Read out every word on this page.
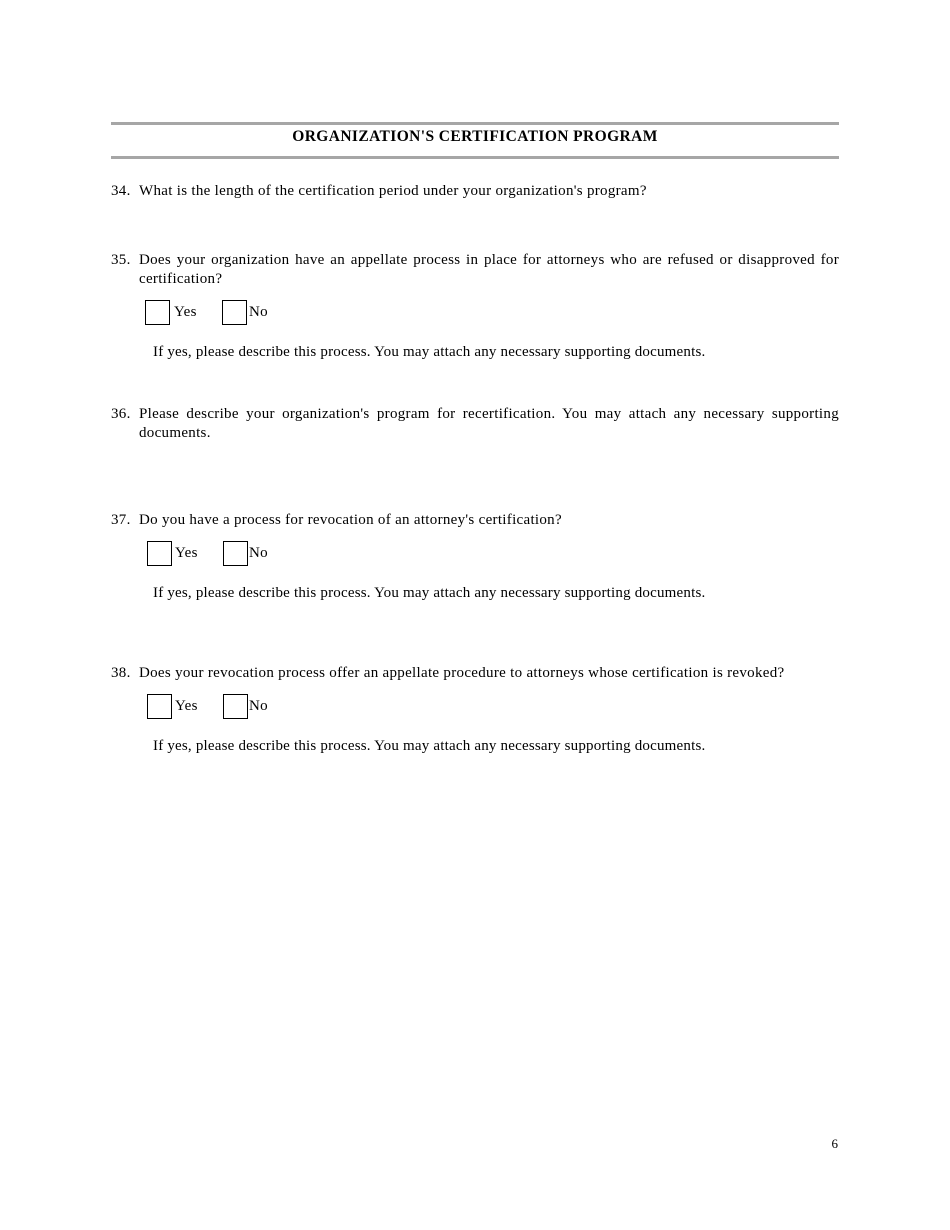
ORGANIZATION'S CERTIFICATION PROGRAM
34. What is the length of the certification period under your organization's program?
35. Does your organization have an appellate process in place for attorneys who are refused or disapproved for certification?
Yes	No
If yes, please describe this process. You may attach any necessary supporting documents.
36. Please describe your organization's program for recertification. You may attach any necessary supporting documents.
37. Do you have a process for revocation of an attorney's certification?
Yes	No
If yes, please describe this process. You may attach any necessary supporting documents.
38. Does your revocation process offer an appellate procedure to attorneys whose certification is revoked?
Yes	No
If yes, please describe this process. You may attach any necessary supporting documents.
6
